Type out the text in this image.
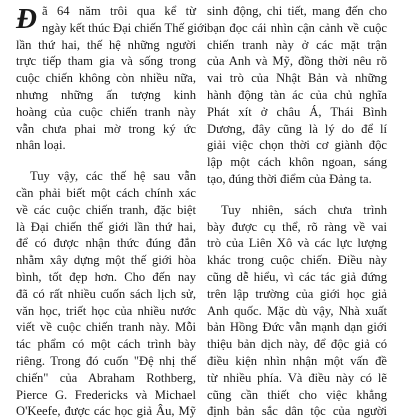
Đ ã 64 năm trôi qua kể từ
ngày kết thúc Đại chiến Thế giới
lần thứ hai, thế hệ những người
trực tiếp tham gia và sống trong
cuộc chiến không còn nhiều nữa,
nhưng những ấn tượng kinh
hoàng của cuộc chiến tranh này
vẫn chưa phai mờ trong ký ức
nhân loại.
Tuy vậy, các thế hệ sau vẫn
cần phải biết một cách chính xác
về các cuộc chiến tranh, đặc biệt
là Đại chiến thế giới lần thứ hai,
để có được nhận thức đúng đắn
nhằm xây dựng một thế giới hòa
bình, tốt đẹp hơn. Cho đến nay
đã có rất nhiều cuốn sách lịch sử,
văn học, triết học của nhiều nước
viết về cuộc chiến tranh này. Mỗi
tác phẩm có một cách trình bày
riêng. Trong đó cuốn "Đệ nhị thế
chiến" của Abraham Rothberg,
Pierce G. Fredericks và Michael
O'Keefe, được các học giả Âu, Mỹ
sinh động, chi tiết, mang đến cho
bạn đọc cái nhìn cận cảnh về cuộc
chiến tranh này ở các mặt trận
của Anh và Mỹ, đồng thời nêu rõ
vai trò của Nhật Bản và những
hành động tàn ác của chủ nghĩa
Phát xít ở châu Á, Thái Bình
Dương, đây cũng là lý do để lí
giải việc chọn thời cơ giành độc
lập một cách khôn ngoan, sáng
tạo, đúng thời điểm của Đảng ta.
Tuy nhiên, sách chưa trình
bày được cụ thể, rõ ràng về vai
trò của Liên Xô và các lực lượng
khác trong cuộc chiến. Điều này
cũng dễ hiểu, vì các tác giả đứng
trên lập trường của giới học giả
Anh quốc. Mặc dù vậy, Nhà xuất
bản Hồng Đức vẫn mạnh dạn giới
thiệu bản dịch này, để độc giả có
điều kiện nhìn nhận một vấn đề
từ nhiều phía. Và điều này có lẽ
cũng cần thiết cho việc khẳng
định bản sắc dân tộc của người
